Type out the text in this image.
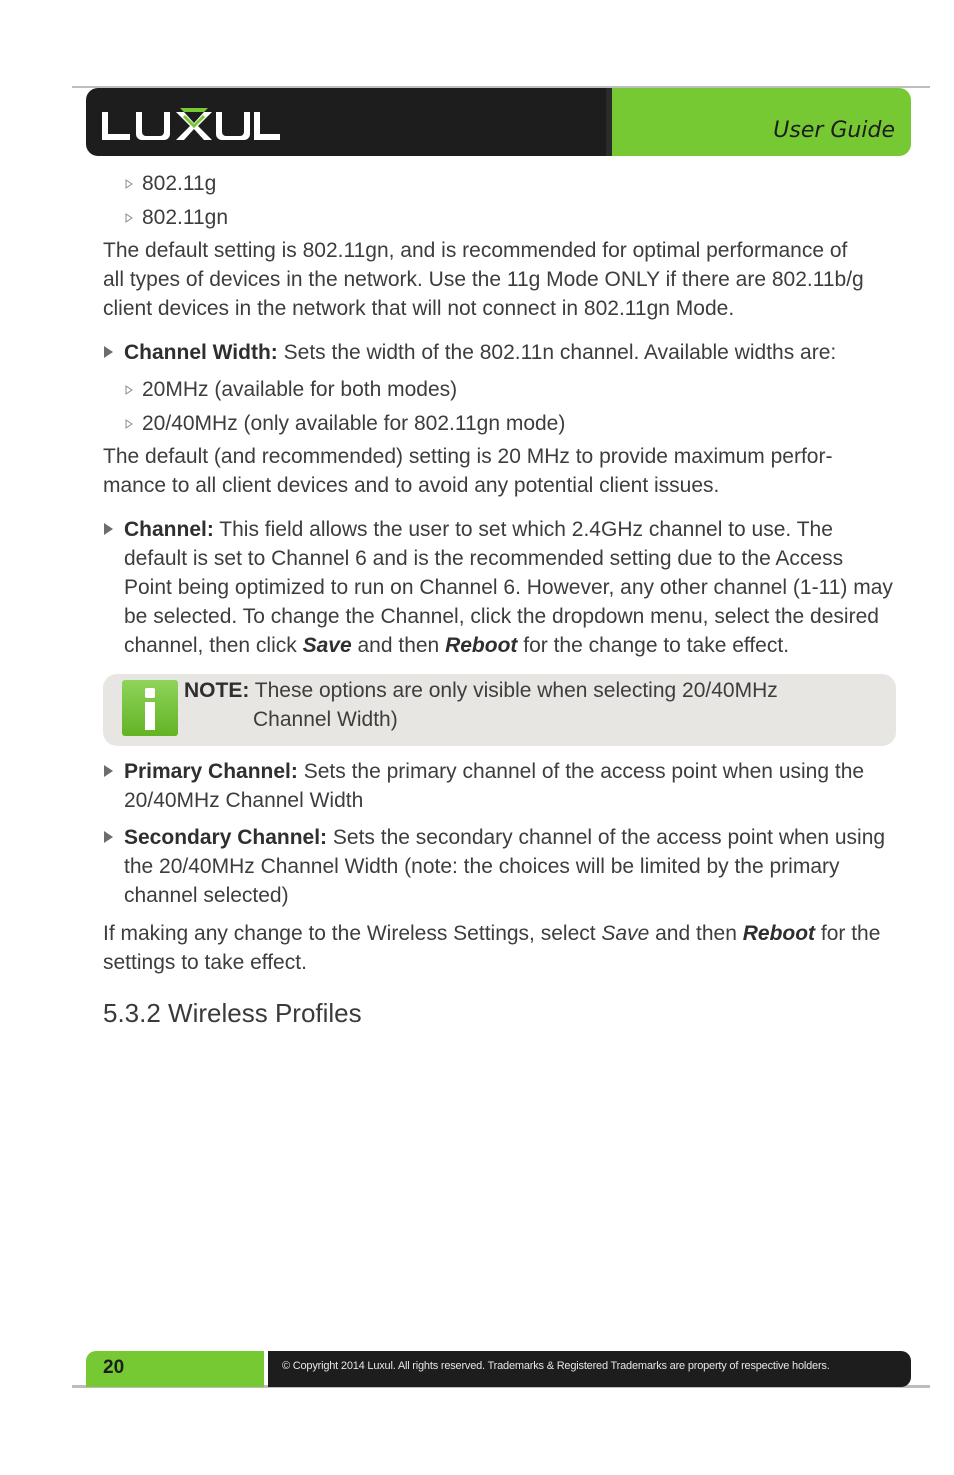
User Guide
802.11g
802.11gn
The default setting is 802.11gn, and is recommended for optimal performance of
all types of devices in the network. Use the 11g Mode ONLY if there are 802.11b/g
client devices in the network that will not connect in 802.11gn Mode.
Channel Width: Sets the width of the 802.11n channel. Available widths are:
20MHz (available for both modes)
20/40MHz (only available for 802.11gn mode)
The default (and recommended) setting is 20 MHz to provide maximum perfor-
mance to all client devices and to avoid any potential client issues.
Channel: This field allows the user to set which 2.4GHz channel to use. The
default is set to Channel 6 and is the recommended setting due to the Access
Point being optimized to run on Channel 6. However, any other channel (1-11) may
be selected. To change the Channel, click the dropdown menu, select the desired
channel, then click Save and then Reboot for the change to take effect.
NOTE: These options are only visible when selecting 20/40MHz
Channel Width)
Primary Channel: Sets the primary channel of the access point when using the
20/40MHz Channel Width
Secondary Channel: Sets the secondary channel of the access point when using
the 20/40MHz Channel Width (note: the choices will be limited by the primary
channel selected)
If making any change to the Wireless Settings, select Save and then Reboot for the
settings to take effect.
5.3.2 Wireless Profiles
20	© Copyright 2014 Luxul. All rights reserved. Trademarks & Registered Trademarks are property of respective holders.
